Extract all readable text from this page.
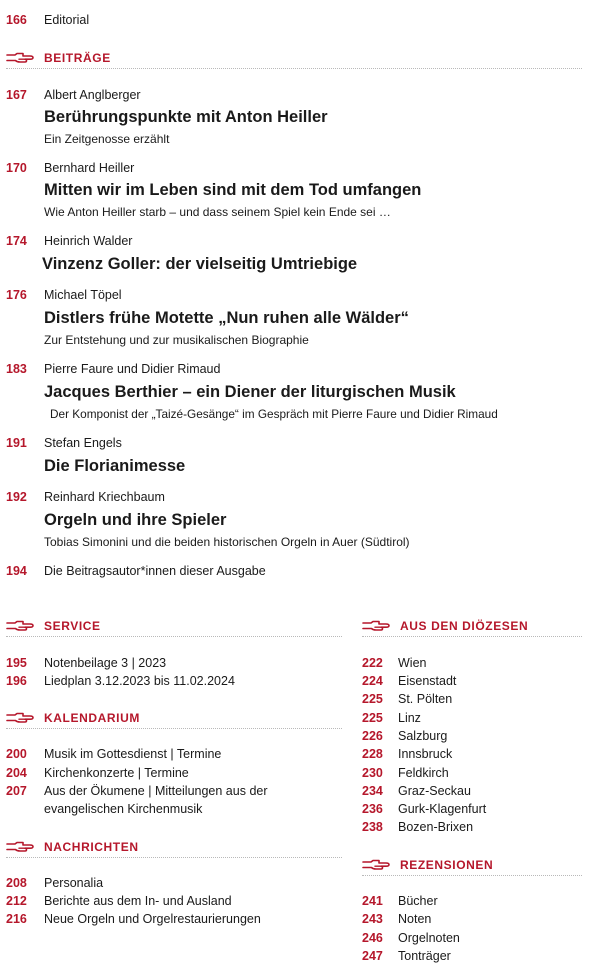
166	Editorial
BEITRÄGE
167	Albert Anglberger
Berührungspunkte mit Anton Heiller
Ein Zeitgenosse erzählt
170	Bernhard Heiller
Mitten wir im Leben sind mit dem Tod umfangen
Wie Anton Heiller starb – und dass seinem Spiel kein Ende sei …
174	Heinrich Walder
Vinzenz Goller: der vielseitig Umtriebige
176	Michael Töpel
Distlers frühe Motette „Nun ruhen alle Wälder“
Zur Entstehung und zur musikalischen Biographie
183	Pierre Faure und Didier Rimaud
Jacques Berthier – ein Diener der liturgischen Musik
Der Komponist der „Taizé-Gesänge“ im Gespräch mit Pierre Faure und Didier Rimaud
191	Stefan Engels
Die Florianimesse
192	Reinhard Kriechbaum
Orgeln und ihre Spieler
Tobias Simonini und die beiden historischen Orgeln in Auer (Südtirol)
194	Die Beitragsautor*innen dieser Ausgabe
SERVICE
195	Notenbeilage 3 | 2023
196	Liedplan 3.12.2023 bis 11.02.2024
KALENDARIUM
200	Musik im Gottesdienst | Termine
204	Kirchenkonzerte | Termine
207	Aus der Ökumene | Mitteilungen aus der
evangelischen Kirchenmusik
NACHRICHTEN
208	Personalia
212	Berichte aus dem In- und Ausland
216	Neue Orgeln und Orgelrestaurierungen
AUS DEN DIÖZESEN
222	Wien
224	Eisenstadt
225	St. Pölten
225	Linz
226	Salzburg
228	Innsbruck
230	Feldkirch
234	Graz-Seckau
236	Gurk-Klagenfurt
238	Bozen-Brixen
REZENSIONEN
241	Bücher
243	Noten
246	Orgelnoten
247	Tonträger
